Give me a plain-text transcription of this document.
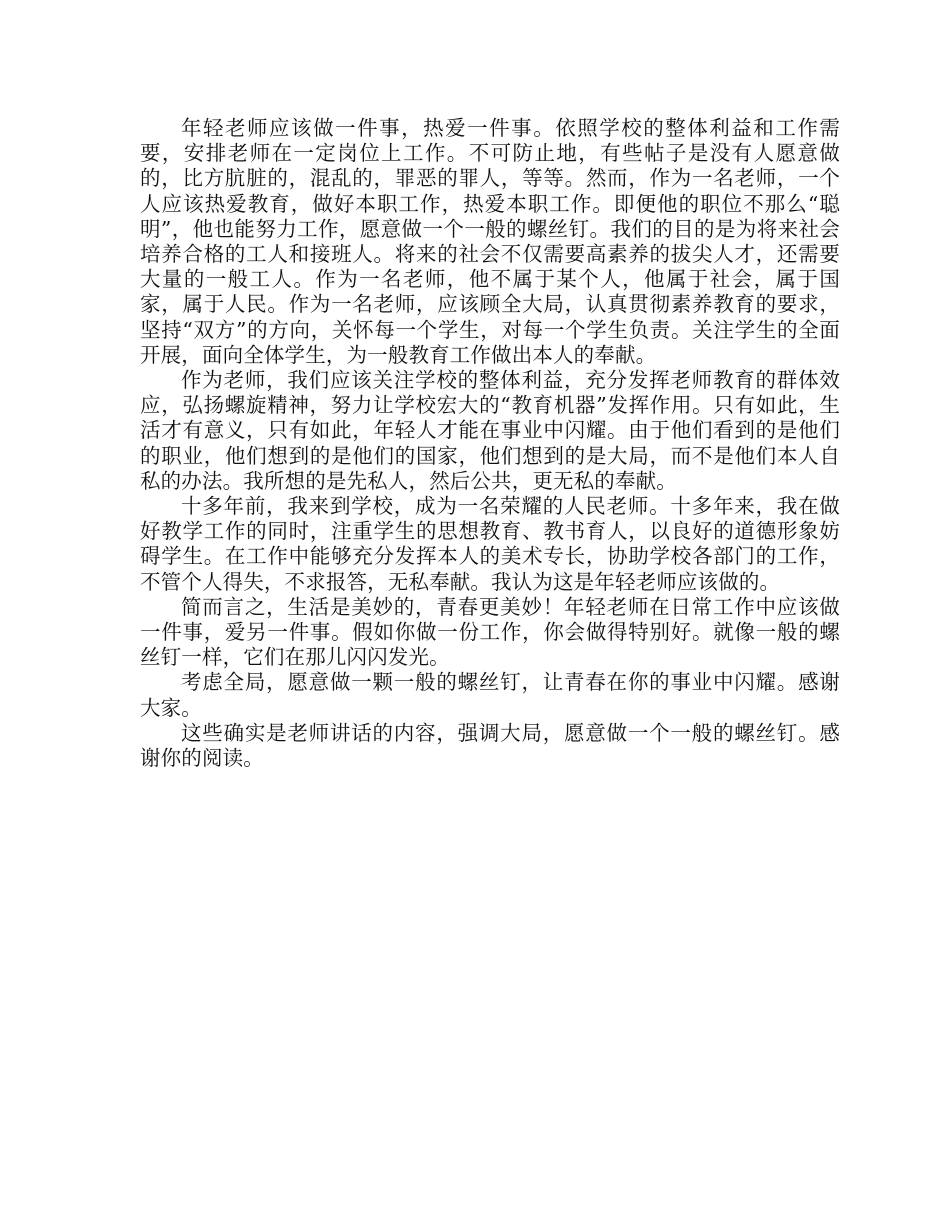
年轻老师应该做一件事，热爱一件事。依照学校的整体利益和工作需要，安排老师在一定岗位上工作。不可防止地，有些帖子是没有人愿意做的，比方肮脏的，混乱的，罪恶的罪人，等等。然而，作为一名老师，一个人应该热爱教育，做好本职工作，热爱本职工作。即便他的职位不那么“聪明”，他也能努力工作，愿意做一个一般的螺丝钉。我们的目的是为将来社会培养合格的工人和接班人。将来的社会不仅需要高素养的拔尖人才，还需要大量的一般工人。作为一名老师，他不属于某个人，他属于社会，属于国家，属于人民。作为一名老师，应该顾全大局，认真贯彻素养教育的要求，坚持“双方”的方向，关怀每一个学生，对每一个学生负责。关注学生的全面开展，面向全体学生，为一般教育工作做出本人的奉献。

作为老师，我们应该关注学校的整体利益，充分发挥老师教育的群体效应，弘扬螺旋精神，努力让学校宏大的“教育机器”发挥作用。只有如此，生活才有意义，只有如此，年轻人才能在事业中闪耀。由于他们看到的是他们的职业，他们想到的是他们的国家，他们想到的是大局，而不是他们本人自私的办法。我所想的是先私人，然后公共，更无私的奉献。

十多年前，我来到学校，成为一名荣耀的人民老师。十多年来，我在做好教学工作的同时，注重学生的思想教育、教书育人，以良好的道德形象妨碍学生。在工作中能够充分发挥本人的美术专长，协助学校各部门的工作，不管个人得失，不求报答，无私奉献。我认为这是年轻老师应该做的。

简而言之，生活是美妙的，青春更美妙！年轻老师在日常工作中应该做一件事，爱另一件事。假如你做一份工作，你会做得特别好。就像一般的螺丝钉一样，它们在那儿闪闪发光。

考虑全局，愿意做一颗一般的螺丝钉，让青春在你的事业中闪耀。感谢大家。

这些确实是老师讲话的内容，强调大局，愿意做一个一般的螺丝钉。感谢你的阅读。
